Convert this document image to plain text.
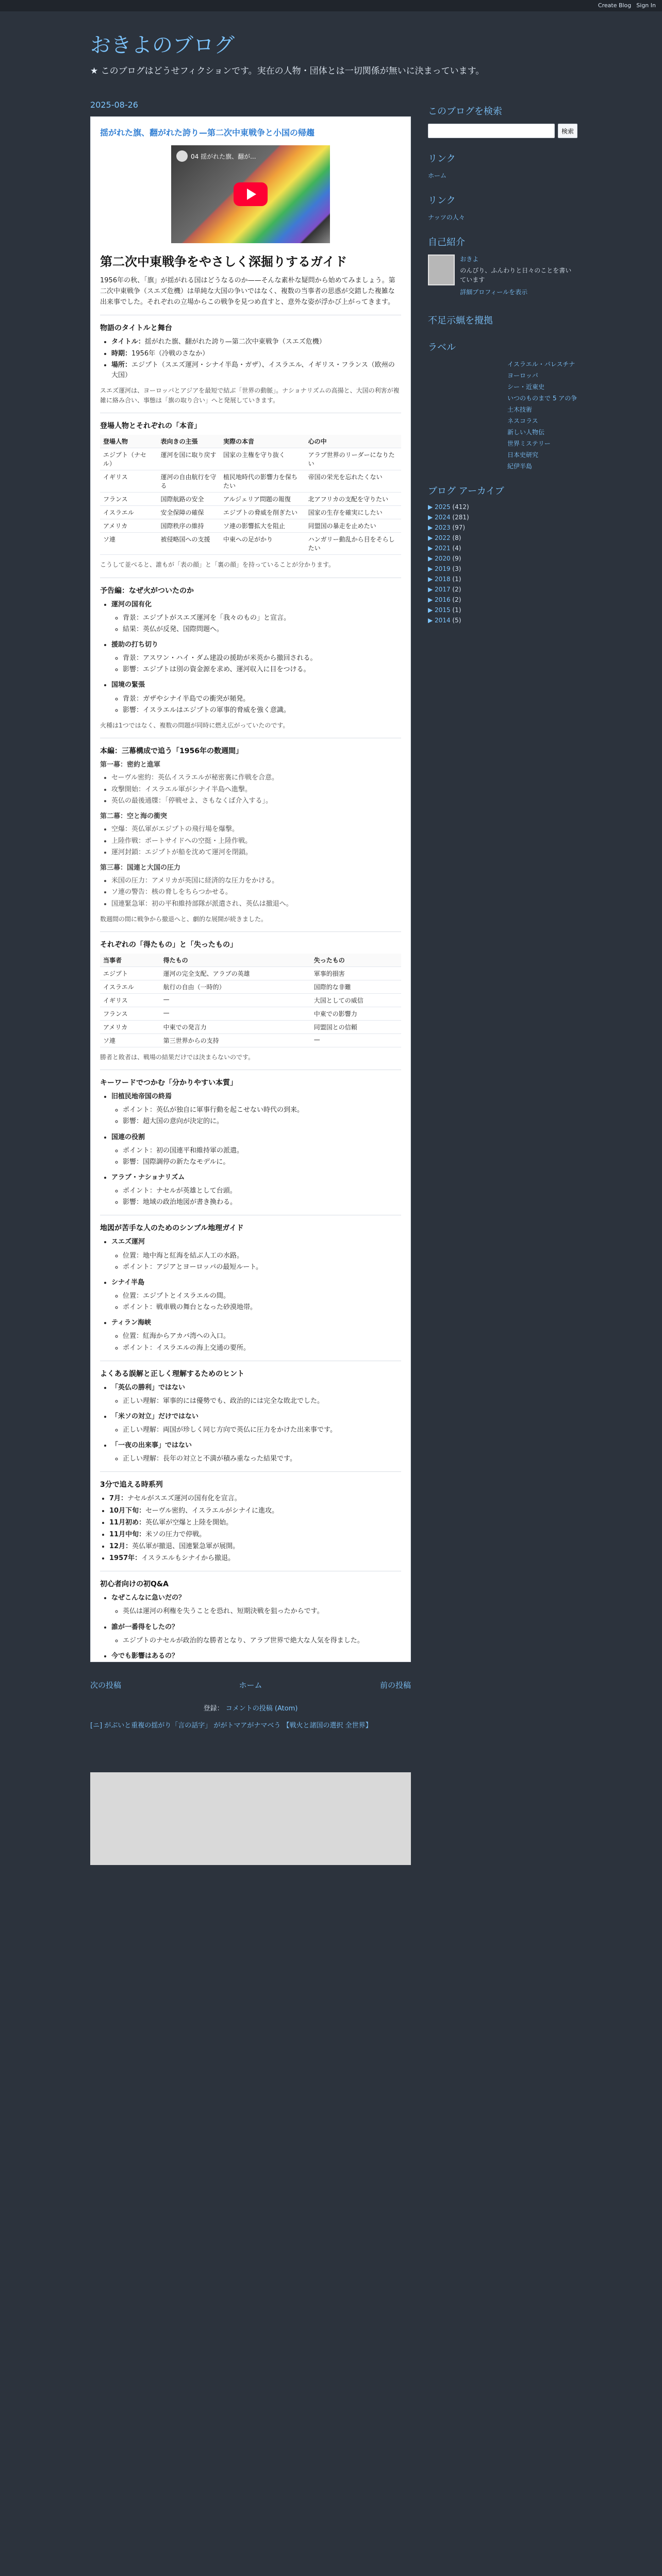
Create Blog Sign In
おきよのブログ
★ このブログはどうせフィクションです。実在の人物・団体とは一切関係が無いに決まっています。
2025-08-26
揺がれた旗、翻がれた誇り—第二次中東戦争と小国の帰趨
04 揺がれた旗、翻が...
第二次中東戦争をやさしく深掘りするガイド
1956年の秋、「旗」が揺がれる国はどうなるのか——そんな素朴な疑問から始めてみましょう。第二次中東戦争（スエズ危機）は単純な大国の争いではなく、複数の当事者の思惑が交錯した複雑な出来事でした。それぞれの立場からこの戦争を見つめ直すと、意外な姿が浮かび上がってきます。
物語のタイトルと舞台
• タイトル：揺がれた旗、翻がれた誇り—第二次中東戦争（スエズ危機）
• 時期：1956年（冷戦のさなか）
• 場所：エジプト（スエズ運河・シナイ半島・ガザ）、イスラエル、イギリス・フランス（欧州の大国）
スエズ運河は、ヨーロッパとアジアを最短で結ぶ「世界の動脈」。ナショナリズムの高揚と、大国の利害が複雑に絡み合い、事態は「旗の取り合い」へと発展していきます。
登場人物とそれぞれの「本音」
登場人物	表向きの主張	実際の本音	心の中
エジプト（ナセル）	運河を国に取り戻す	国家の主権を守り抜く	アラブ世界のリーダーになりたい
イギリス	運河の自由航行を守る	植民地時代の影響力を保ちたい	帝国の栄光を忘れたくない
フランス	国際航路の安全	アルジェリア問題の報復	北アフリカの支配を守りたい
イスラエル	安全保障の確保	エジプトの脅威を削ぎたい	国家の生存を確実にしたい
アメリカ	国際秩序の維持	ソ連の影響拡大を阻止	同盟国の暴走を止めたい
ソ連	被侵略国への支援	中東への足がかり	ハンガリー動乱から目をそらしたい
こうして並べると、誰もが「表の顔」と「裏の顔」を持っていることが分かります。
予告編：なぜ火がついたのか
• 運河の国有化
◦ 背景：エジプトがスエズ運河を「我々のもの」と宣言。
◦ 結果：英仏が反発、国際問題へ。
• 援助の打ち切り
◦ 背景：アスワン・ハイ・ダム建設の援助が米英から撤回される。
◦ 影響：エジプトは別の資金源を求め、運河収入に目をつける。
• 国境の緊張
◦ 背景：ガザやシナイ半島での衝突が頻発。
◦ 影響：イスラエルはエジプトの軍事的脅威を強く意識。
火種は1つではなく、複数の問題が同時に燃え広がっていたのです。
本編：三幕構成で追う「1956年の数週間」
第一幕：密約と進軍
• セーヴル密約：英仏イスラエルが秘密裏に作戦を合意。
• 攻撃開始：イスラエル軍がシナイ半島へ進撃。
• 英仏の最後通牒：「停戦せよ、さもなくば介入する」。
第二幕：空と海の衝突
• 空爆：英仏軍がエジプトの飛行場を爆撃。
• 上陸作戦：ポートサイドへの空挺・上陸作戦。
• 運河封鎖：エジプトが船を沈めて運河を閉鎖。
第三幕：国連と大国の圧力
• 米国の圧力：アメリカが英国に経済的な圧力をかける。
• ソ連の警告：核の脅しをちらつかせる。
• 国連緊急軍：初の平和維持部隊が派遣され、英仏は撤退へ。
数週間の間に戦争から撤退へと、劇的な展開が続きました。
それぞれの「得たもの」と「失ったもの」
当事者	得たもの	失ったもの
エジプト	運河の完全支配、アラブの英雄	軍事的損害
イスラエル	航行の自由（一時的）	国際的な非難
イギリス	—	大国としての威信
フランス	—	中東での影響力
アメリカ	中東での発言力	同盟国との信頼
ソ連	第三世界からの支持	—
勝者と敗者は、戦場の結果だけでは決まらないのです。
キーワードでつかむ「分かりやすい本質」
• 旧植民地帝国の終焉
◦ ポイント：英仏が独自に軍事行動を起こせない時代の到来。
◦ 影響：超大国の意向が決定的に。
• 国連の役割
◦ ポイント：初の国連平和維持軍の派遣。
◦ 影響：国際調停の新たなモデルに。
• アラブ・ナショナリズム
◦ ポイント：ナセルが英雄として台頭。
◦ 影響：地域の政治地図が書き換わる。
地図が苦手な人のためのシンプル地理ガイド
• スエズ運河
◦ 位置：地中海と紅海を結ぶ人工の水路。
◦ ポイント：アジアとヨーロッパの最短ルート。
• シナイ半島
◦ 位置：エジプトとイスラエルの間。
◦ ポイント：戦車戦の舞台となった砂漠地帯。
• ティラン海峡
◦ 位置：紅海からアカバ湾への入口。
◦ ポイント：イスラエルの海上交通の要所。
よくある誤解と正しく理解するためのヒント
• 「英仏の勝利」ではない
◦ 正しい理解：軍事的には優勢でも、政治的には完全な敗北でした。
• 「米ソの対立」だけではない
◦ 正しい理解：両国が珍しく同じ方向で英仏に圧力をかけた出来事です。
• 「一夜の出来事」ではない
◦ 正しい理解：長年の対立と不満が積み重なった結果です。
3分で追える時系列
• 7月：ナセルがスエズ運河の国有化を宣言。
• 10月下旬：セーヴル密約、イスラエルがシナイに進攻。
• 11月初め：英仏軍が空爆と上陸を開始。
• 11月中旬：米ソの圧力で停戦。
• 12月：英仏軍が撤退、国連緊急軍が展開。
• 1957年：イスラエルもシナイから撤退。
初心者向けの初Q&A
• なぜこんなに急いだの？
◦ 英仏は運河の利権を失うことを恐れ、短期決戦を狙ったからです。
• 誰が一番得をしたの？
◦ エジプトのナセルが政治的な勝者となり、アラブ世界で絶大な人気を得ました。
• 今でも影響はあるの？
次の投稿	ホーム	前の投稿
登録： コメントの投稿 (Atom)
[ニ] がぶいと重複の揺がり「言の話字」 ががトマアがナマベう 【戦火と諸国の選択 全世界】
このブログを検索
検索
リンク
ホーム
リンク
ナッツの人々
自己紹介
おきよ
のんびり、ふんわりと日々のことを書いています
詳細プロフィールを表示
不足示蝋を攪拠
ラベル
イスラエル・パレスチナ
ヨーロッパ
シー・近東史
いつのものまで 5 アの争
土木技術
ネスコラス
新しい人物伝
世界ミステリー
日本史研究
紀伊半島
ブログ アーカイブ
▶ 2025 (412)
▶ 2024 (281)
▶ 2023 (97)
▶ 2022 (8)
▶ 2021 (4)
▶ 2020 (9)
▶ 2019 (3)
▶ 2018 (1)
▶ 2017 (2)
▶ 2016 (2)
▶ 2015 (1)
▶ 2014 (5)
